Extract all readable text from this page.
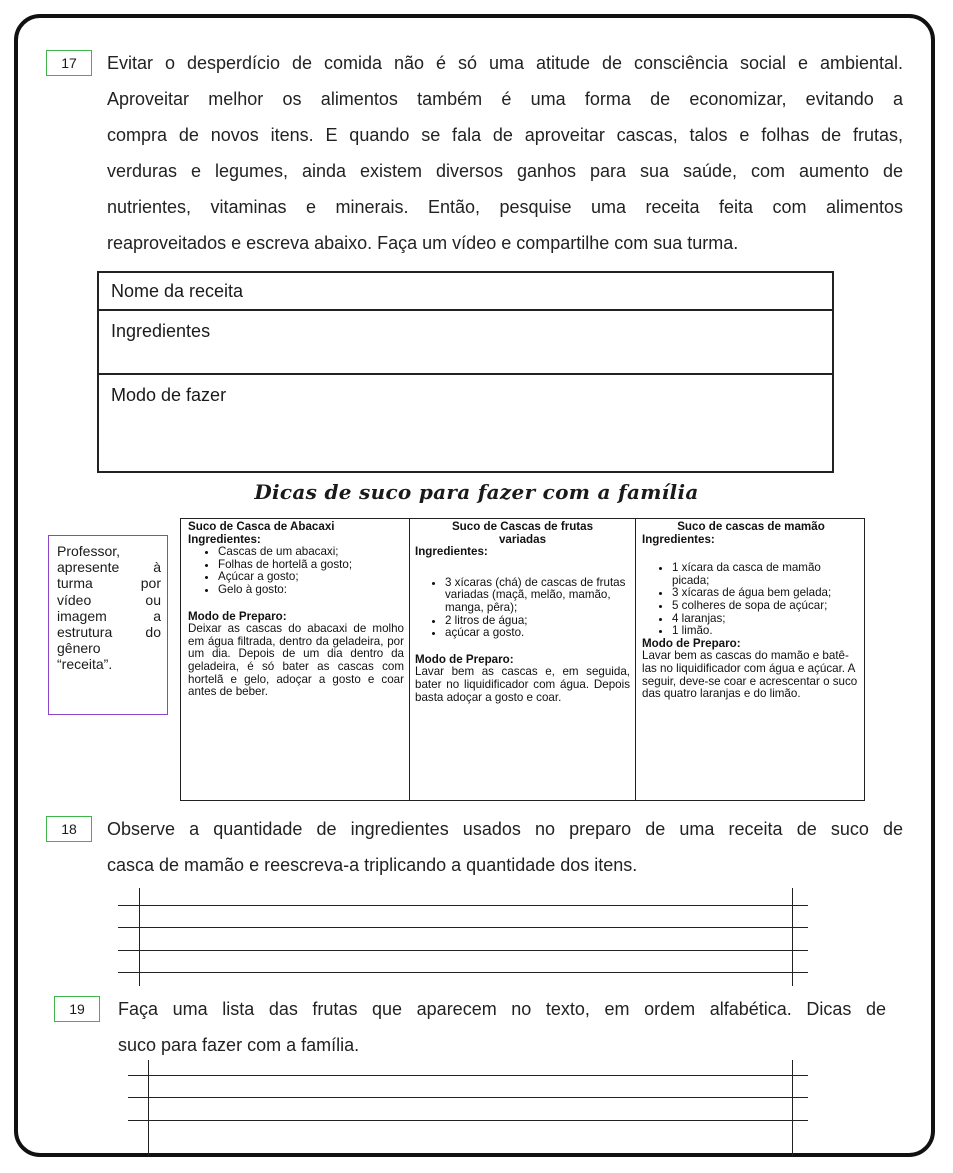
17	Evitar o desperdício de comida não é só uma atitude de consciência social e ambiental.
Aproveitar melhor os alimentos também é uma forma de economizar, evitando a
compra de novos itens. E quando se fala de aproveitar cascas, talos e folhas de frutas,
verduras e legumes, ainda existem diversos ganhos para sua saúde, com aumento de
nutrientes, vitaminas e minerais. Então, pesquise uma receita feita com alimentos
reaproveitados e escreva abaixo. Faça um vídeo e compartilhe com sua turma.
Nome da receita
Ingredientes
Modo de fazer
Dicas de suco para fazer com a família
Professor,
apresente à
turma por
vídeo ou
imagem a
estrutura do
gênero
“receita”.
Suco de Casca de Abacaxi
Ingredientes:
• Cascas de um abacaxi;
• Folhas de hortelã a gosto;
• Açúcar a gosto;
• Gelo à gosto:
Modo de Preparo:
Deixar as cascas do abacaxi de molho em água filtrada, dentro da geladeira, por um dia. Depois de um dia dentro da geladeira, é só bater as cascas com hortelã e gelo, adoçar a gosto e coar antes de beber.
Suco de Cascas de frutas
variadas
Ingredientes:
• 3 xícaras (chá) de cascas de frutas variadas (maçã, melão, mamão, manga, pêra);
• 2 litros de água;
• açúcar a gosto.
Modo de Preparo:
Lavar bem as cascas e, em seguida, bater no liquidificador com água. Depois basta adoçar a gosto e coar.
Suco de cascas de mamão
Ingredientes:
• 1 xícara da casca de mamão picada;
• 3 xícaras de água bem gelada;
• 5 colheres de sopa de açúcar;
• 4 laranjas;
• 1 limão.
Modo de Preparo:
Lavar bem as cascas do mamão e batê-las no liquidificador com água e açúcar. A seguir, deve-se coar e acrescentar o suco das quatro laranjas e do limão.
18	Observe a quantidade de ingredientes usados no preparo de uma receita de suco de
casca de mamão e reescreva-a triplicando a quantidade dos itens.
19	Faça uma lista das frutas que aparecem no texto, em ordem alfabética. Dicas de
suco para fazer com a família.
